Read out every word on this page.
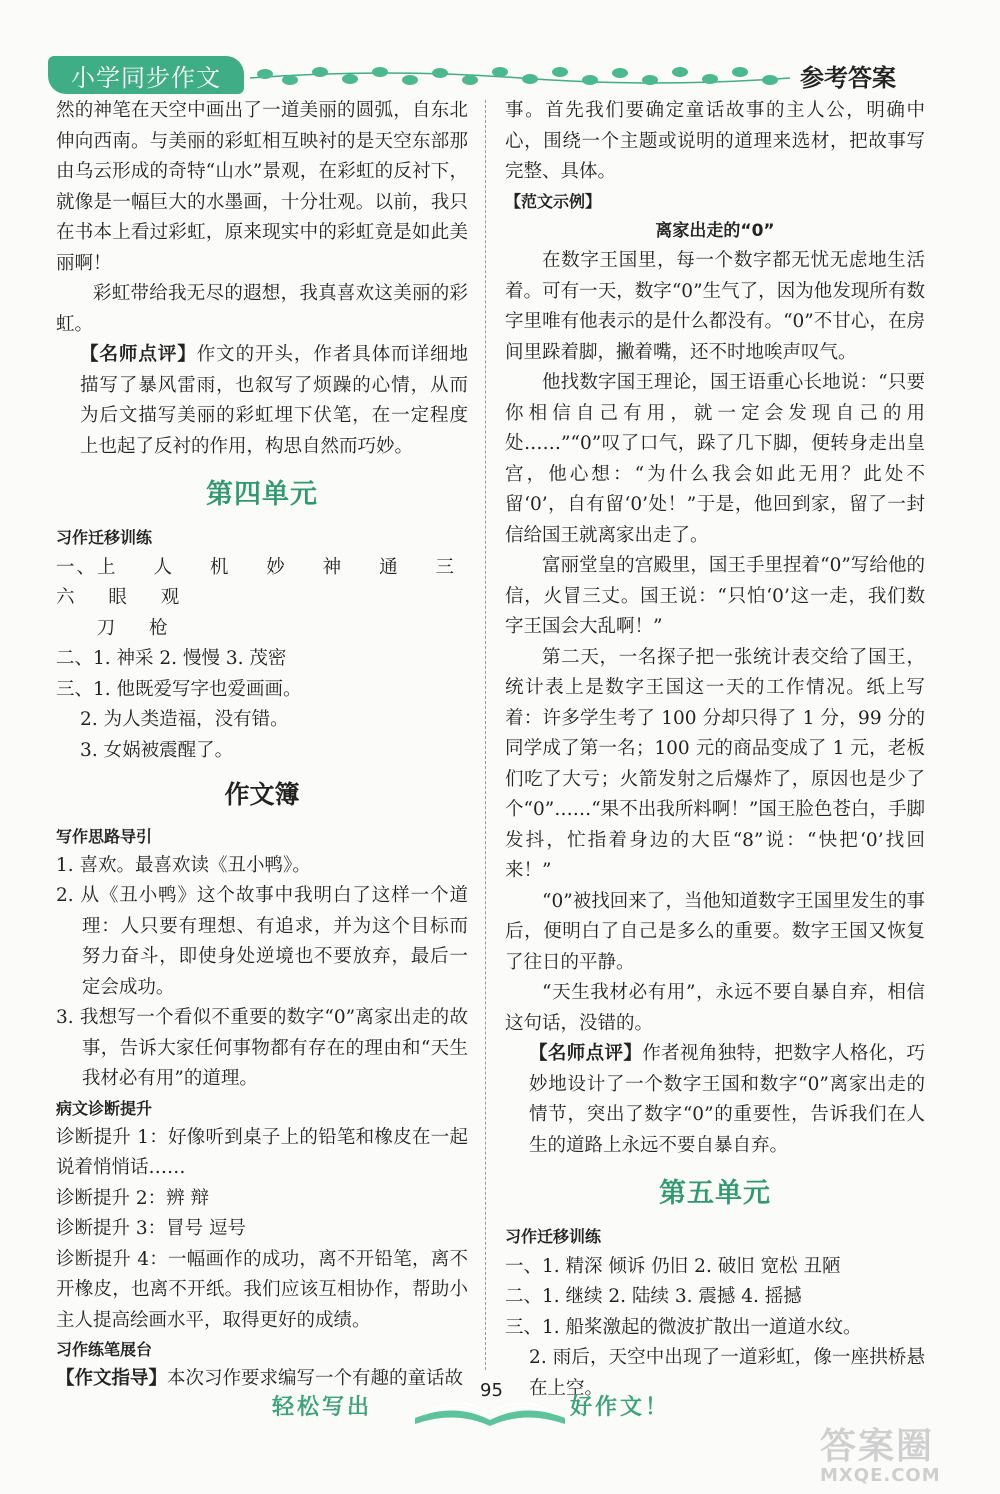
小学同步作文	参考答案

然的神笔在天空中画出了一道美丽的圆弧，自东北伸向西南。与美丽的彩虹相互映衬的是天空东部那由乌云形成的奇特“山水”景观，在彩虹的反衬下，就像是一幅巨大的水墨画，十分壮观。以前，我只在书本上看过彩虹，原来现实中的彩虹竟是如此美丽啊！

彩虹带给我无尽的遐想，我真喜欢这美丽的彩虹。

【名师点评】作文的开头，作者具体而详细地描写了暴风雷雨，也叙写了烦躁的心情，从而为后文描写美丽的彩虹埋下伏笔，在一定程度上也起了反衬的作用，构思自然而巧妙。

第四单元
习作迁移训练

一、上 人 机 妙 神 通 三 六 眼 观

刀 枪

二、1. 神采 2. 慢慢 3. 茂密

三、1. 他既爱写字也爱画画。

2. 为人类造福，没有错。

3. 女娲被震醒了。

作文簿
写作思路导引

1. 喜欢。最喜欢读《丑小鸭》。

2. 从《丑小鸭》这个故事中我明白了这样一个道理：人只要有理想、有追求，并为这个目标而努力奋斗，即使身处逆境也不要放弃，最后一定会成功。

3. 我想写一个看似不重要的数字“0”离家出走的故事，告诉大家任何事物都有存在的理由和“天生我材必有用”的道理。

病文诊断提升

诊断提升 1：好像听到桌子上的铅笔和橡皮在一起说着悄悄话……

诊断提升 2：辨 辩

诊断提升 3：冒号 逗号

诊断提升 4：一幅画作的成功，离不开铅笔，离不开橡皮，也离不开纸。我们应该互相协作，帮助小主人提高绘画水平，取得更好的成绩。

习作练笔展台

【作文指导】本次习作要求编写一个有趣的童话故

事。首先我们要确定童话故事的主人公，明确中心，围绕一个主题或说明的道理来选材，把故事写完整、具体。

【范文示例】
离家出走的“0”

在数字王国里，每一个数字都无忧无虑地生活着。可有一天，数字“0”生气了，因为他发现所有数字里唯有他表示的是什么都没有。“0”不甘心，在房间里跺着脚，撇着嘴，还不时地唉声叹气。

他找数字国王理论，国王语重心长地说：“只要你相信自己有用，就一定会发现自己的用处……”“0”叹了口气，跺了几下脚，便转身走出皇宫，他心想：“为什么我会如此无用？此处不留‘0’，自有留‘0’处！”于是，他回到家，留了一封信给国王就离家出走了。

富丽堂皇的宫殿里，国王手里捏着“0”写给他的信，火冒三丈。国王说：“只怕‘0’这一走，我们数字王国会大乱啊！”

第二天，一名探子把一张统计表交给了国王，统计表上是数字王国这一天的工作情况。纸上写着：许多学生考了 100 分却只得了 1 分，99 分的同学成了第一名；100 元的商品变成了 1 元，老板们吃了大亏；火箭发射之后爆炸了，原因也是少了个“0”……“果不出我所料啊！”国王脸色苍白，手脚发抖，忙指着身边的大臣“8”说：“快把‘0’找回来！”

“0”被找回来了，当他知道数字王国里发生的事后，便明白了自己是多么的重要。数字王国又恢复了往日的平静。

“天生我材必有用”，永远不要自暴自弃，相信这句话，没错的。

【名师点评】作者视角独特，把数字人格化，巧妙地设计了一个数字王国和数字“0”离家出走的情节，突出了数字“0”的重要性，告诉我们在人生的道路上永远不要自暴自弃。

第五单元
习作迁移训练

一、1. 精深 倾诉 仍旧 2. 破旧 宽松 丑陋

二、1. 继续 2. 陆续 3. 震撼 4. 摇撼

三、1. 船桨激起的微波扩散出一道道水纹。

2. 雨后，天空中出现了一道彩虹，像一座拱桥悬在上空。

轻松写出
95
好作文！
答案圈
MXQE.COM
